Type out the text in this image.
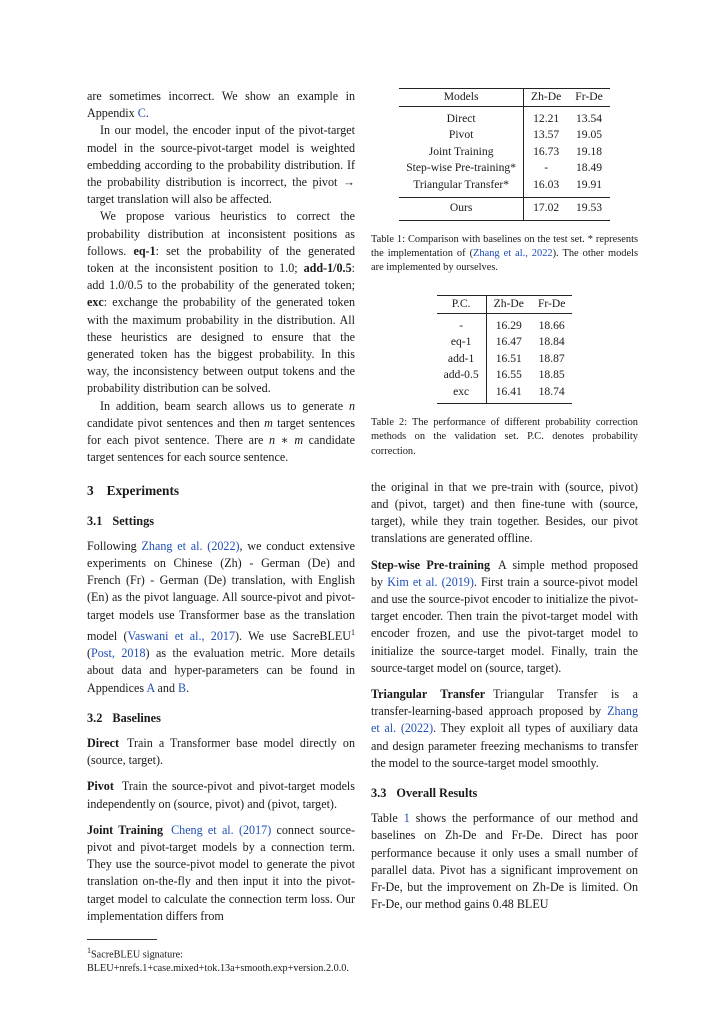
are sometimes incorrect. We show an example in Appendix C.

In our model, the encoder input of the pivot-target model in the source-pivot-target model is weighted embedding according to the probability distribution. If the probability distribution is incorrect, the pivot → target translation will also be affected.

We propose various heuristics to correct the probability distribution at inconsistent positions as follows. eq-1: set the probability of the generated token at the inconsistent position to 1.0; add-1/0.5: add 1.0/0.5 to the probability of the generated token; exc: exchange the probability of the generated token with the maximum probability in the distribution. All these heuristics are designed to ensure that the generated token has the biggest probability. In this way, the inconsistency between output tokens and the probability distribution can be solved.

In addition, beam search allows us to generate n candidate pivot sentences and then m target sentences for each pivot sentence. There are n ∗ m candidate target sentences for each source sentence.

3 Experiments
3.1 Settings

Following Zhang et al. (2022), we conduct extensive experiments on Chinese (Zh) - German (De) and French (Fr) - German (De) translation, with English (En) as the pivot language. All source-pivot and pivot-target models use Transformer base as the translation model (Vaswani et al., 2017). We use SacreBLEU$^1$ (Post, 2018) as the evaluation metric. More details about data and hyper-parameters can be found in Appendices A and B.

3.2 Baselines

Direct Train a Transformer base model directly on (source, target).

Pivot Train the source-pivot and pivot-target models independently on (source, pivot) and (pivot, target).

Joint Training Cheng et al. (2017) connect source-pivot and pivot-target models by a connection term. They use the source-pivot model to generate the pivot translation on-the-fly and then input it into the pivot-target model to calculate the connection term loss. Our implementation differs from

$^1$SacreBLEU signature: BLEU+nrefs.1+case.mixed+tok.13a+smooth.exp+version.2.0.0.

Models	Zh-De	Fr-De
Direct	12.21	13.54
Pivot	13.57	19.05
Joint Training	16.73	19.18
Step-wise Pre-training*	-	18.49
Triangular Transfer*	16.03	19.91
Ours	17.02	19.53

Table 1: Comparison with baselines on the test set. * represents the implementation of (Zhang et al., 2022). The other models are implemented by ourselves.

P.C.	Zh-De	Fr-De
-	16.29	18.66
eq-1	16.47	18.84
add-1	16.51	18.87
add-0.5	16.55	18.85
exc	16.41	18.74

Table 2: The performance of different probability correction methods on the validation set. P.C. denotes probability correction.

the original in that we pre-train with (source, pivot) and (pivot, target) and then fine-tune with (source, target), while they train together. Besides, our pivot translations are generated offline.

Step-wise Pre-training A simple method proposed by Kim et al. (2019). First train a source-pivot model and use the source-pivot encoder to initialize the pivot-target encoder. Then train the pivot-target model with encoder frozen, and use the pivot-target model to initialize the source-target model. Finally, train the source-target model on (source, target).

Triangular Transfer Triangular Transfer is a transfer-learning-based approach proposed by Zhang et al. (2022). They exploit all types of auxiliary data and design parameter freezing mechanisms to transfer the model to the source-target model smoothly.

3.3 Overall Results

Table 1 shows the performance of our method and baselines on Zh-De and Fr-De. Direct has poor performance because it only uses a small number of parallel data. Pivot has a significant improvement on Fr-De, but the improvement on Zh-De is limited. On Fr-De, our method gains 0.48 BLEU
